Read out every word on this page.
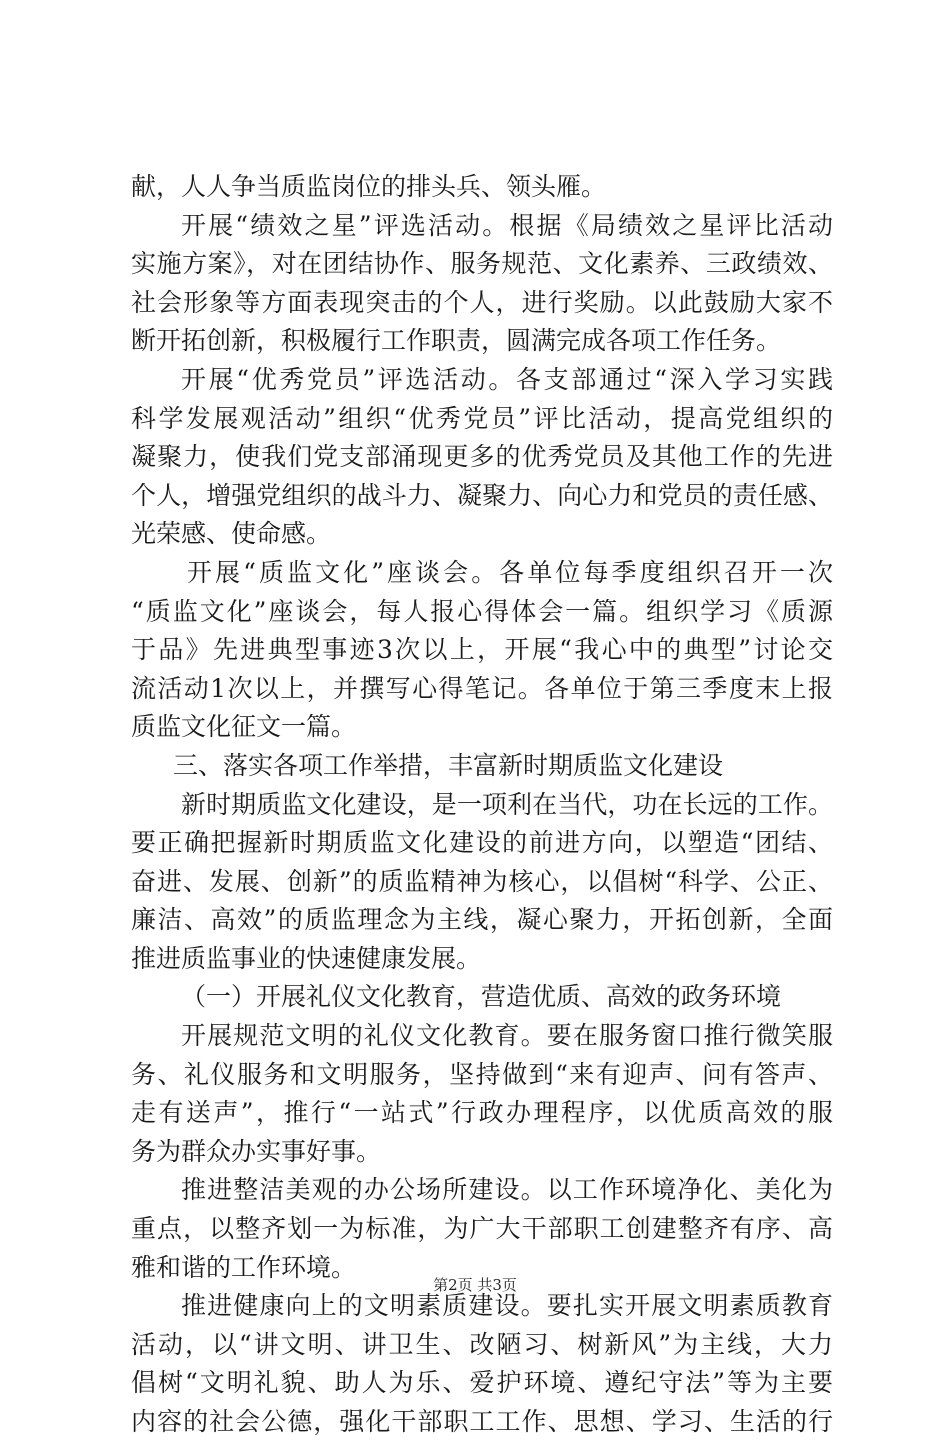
献，人人争当质监岗位的排头兵、领头雁。
开展“绩效之星”评选活动。根据《局绩效之星评比活动
实施方案》，对在团结协作、服务规范、文化素养、三政绩效、
社会形象等方面表现突击的个人，进行奖励。以此鼓励大家不
断开拓创新，积极履行工作职责，圆满完成各项工作任务。
开展“优秀党员”评选活动。各支部通过“深入学习实践
科学发展观活动”组织“优秀党员”评比活动，提高党组织的
凝聚力，使我们党支部涌现更多的优秀党员及其他工作的先进
个人，增强党组织的战斗力、凝聚力、向心力和党员的责任感、
光荣感、使命感。
开展“质监文化”座谈会。各单位每季度组织召开一次
“质监文化”座谈会，每人报心得体会一篇。组织学习《质源
于品》先进典型事迹3次以上，开展“我心中的典型”讨论交
流活动1次以上，并撰写心得笔记。各单位于第三季度末上报
质监文化征文一篇。
三、落实各项工作举措，丰富新时期质监文化建设
新时期质监文化建设，是一项利在当代，功在长远的工作。
要正确把握新时期质监文化建设的前进方向，以塑造“团结、
奋进、发展、创新”的质监精神为核心，以倡树“科学、公正、
廉洁、高效”的质监理念为主线，凝心聚力，开拓创新，全面
推进质监事业的快速健康发展。
（一）开展礼仪文化教育，营造优质、高效的政务环境
开展规范文明的礼仪文化教育。要在服务窗口推行微笑服
务、礼仪服务和文明服务，坚持做到“来有迎声、问有答声、
走有送声”，推行“一站式”行政办理程序，以优质高效的服
务为群众办实事好事。
推进整洁美观的办公场所建设。以工作环境净化、美化为
重点，以整齐划一为标准，为广大干部职工创建整齐有序、高
雅和谐的工作环境。
推进健康向上的文明素质建设。要扎实开展文明素质教育
活动，以“讲文明、讲卫生、改陋习、树新风”为主线，大力
倡树“文明礼貌、助人为乐、爱护环境、遵纪守法”等为主要
内容的社会公德，强化干部职工工作、思想、学习、生活的行
第2页 共3页
